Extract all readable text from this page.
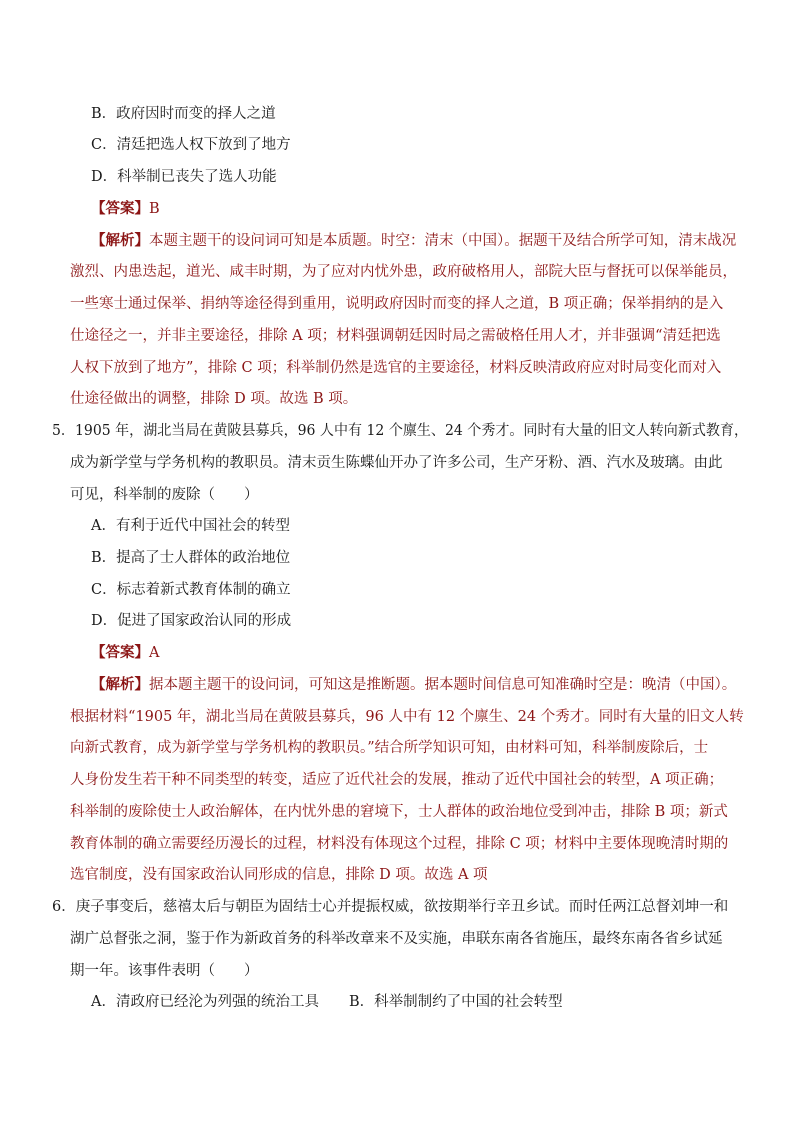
B．政府因时而变的择人之道
C．清廷把选人权下放到了地方
D．科举制已丧失了选人功能
【答案】B
【解析】本题主题干的设问词可知是本质题。时空：清末（中国）。据题干及结合所学可知，清末战况
激烈、内患迭起，道光、咸丰时期，为了应对内忧外患，政府破格用人，部院大臣与督抚可以保举能员，
一些寒士通过保举、捐纳等途径得到重用，说明政府因时而变的择人之道，B 项正确；保举捐纳的是入
仕途径之一，并非主要途径，排除 A 项；材料强调朝廷因时局之需破格任用人才，并非强调“清廷把选
人权下放到了地方”，排除 C 项；科举制仍然是选官的主要途径，材料反映清政府应对时局变化而对入
仕途径做出的调整，排除 D 项。故选 B 项。
5．1905 年，湖北当局在黄陂县募兵，96 人中有 12 个廪生、24 个秀才。同时有大量的旧文人转向新式教育，
成为新学堂与学务机构的教职员。清末贡生陈蝶仙开办了许多公司，生产牙粉、酒、汽水及玻璃。由此
可见，科举制的废除（　　）
A．有利于近代中国社会的转型
B．提高了士人群体的政治地位
C．标志着新式教育体制的确立
D．促进了国家政治认同的形成
【答案】A
【解析】据本题主题干的设问词，可知这是推断题。据本题时间信息可知准确时空是：晚清（中国）。
根据材料“1905 年，湖北当局在黄陂县募兵，96 人中有 12 个廪生、24 个秀才。同时有大量的旧文人转
向新式教育，成为新学堂与学务机构的教职员。”结合所学知识可知，由材料可知，科举制废除后，士
人身份发生若干种不同类型的转变，适应了近代社会的发展，推动了近代中国社会的转型，A 项正确；
科举制的废除使士人政治解体，在内忧外患的窘境下，士人群体的政治地位受到冲击，排除 B 项；新式
教育体制的确立需要经历漫长的过程，材料没有体现这个过程，排除 C 项；材料中主要体现晚清时期的
选官制度，没有国家政治认同形成的信息，排除 D 项。故选 A 项
6．庚子事变后，慈禧太后与朝臣为固结士心并提振权威，欲按期举行辛丑乡试。而时任两江总督刘坤一和
湖广总督张之洞，鉴于作为新政首务的科举改章来不及实施，串联东南各省施压，最终东南各省乡试延
期一年。该事件表明（　　）
A．清政府已经沦为列强的统治工具 B．科举制制约了中国的社会转型
